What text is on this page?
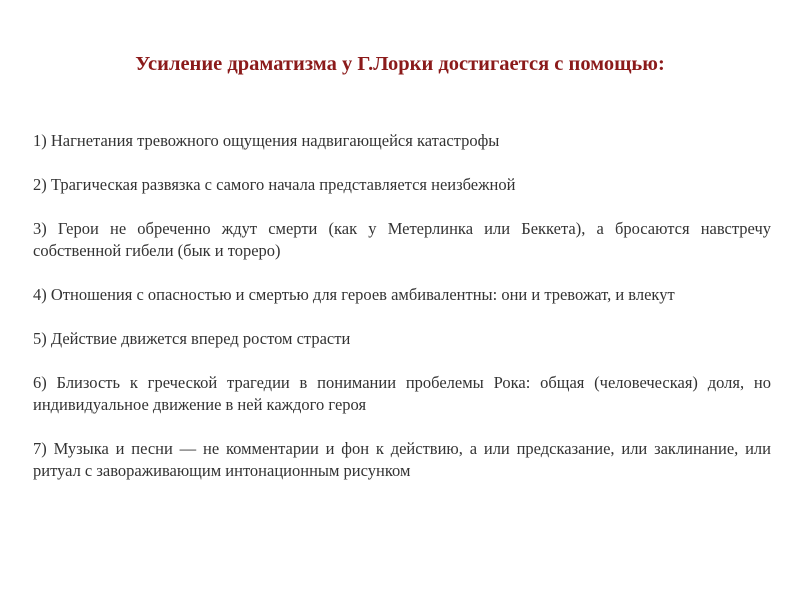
Усиление драматизма у Г.Лорки достигается с помощью:
1) Нагнетания тревожного ощущения надвигающейся катастрофы
2) Трагическая развязка с самого начала представляется неизбежной
3) Герои не обреченно ждут смерти (как у Метерлинка или Беккета), а бросаются навстречу собственной гибели (бык и тореро)
4) Отношения с опасностью и смертью для героев амбивалентны: они и тревожат, и влекут
5) Действие движется вперед ростом страсти
6) Близость к греческой трагедии в понимании пробелемы Рока: общая (человеческая) доля, но индивидуальное движение в ней каждого героя
7) Музыка и песни — не комментарии и фон к действию, а или предсказание, или заклинание, или ритуал с завораживающим интонационным рисунком
